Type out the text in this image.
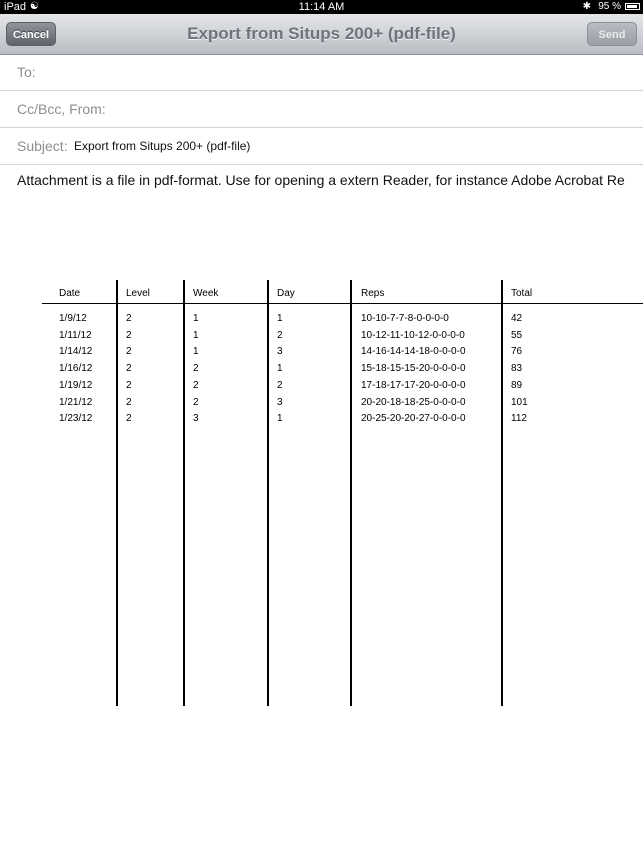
iPad ☯	11:14 AM	✱ 95 %
Export from Situps 200+ (pdf-file)
Cancel	Send
To:
Cc/Bcc, From:
Subject: Export from Situps 200+ (pdf-file)
Attachment is a file in pdf-format. Use for opening a extern Reader, for instance Adobe Acrobat Re
Date	Level	Week	Day	Reps	Total
1/9/12	2	1	1	10-10-7-7-8-0-0-0-0	42
1/11/12	2	1	2	10-12-11-10-12-0-0-0-0	55
1/14/12	2	1	3	14-16-14-14-18-0-0-0-0	76
1/16/12	2	2	1	15-18-15-15-20-0-0-0-0	83
1/19/12	2	2	2	17-18-17-17-20-0-0-0-0	89
1/21/12	2	2	3	20-20-18-18-25-0-0-0-0	101
1/23/12	2	3	1	20-25-20-20-27-0-0-0-0	112
